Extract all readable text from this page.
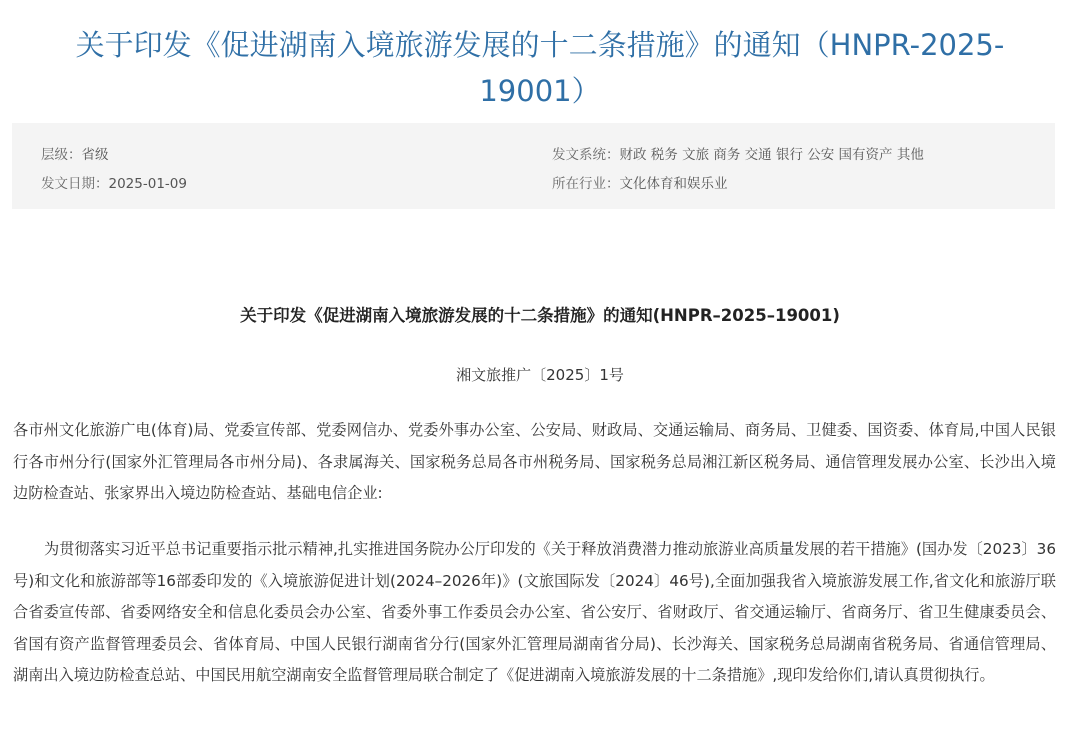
关于印发《促进湖南入境旅游发展的十二条措施》的通知（HNPR-2025-19001）
层级：省级
发文日期：2025-01-09
发文系统：财政 税务 文旅 商务 交通 银行 公安 国有资产 其他
所在行业：文化体育和娱乐业
关于印发《促进湖南入境旅游发展的十二条措施》的通知(HNPR–2025–19001)
湘文旅推广〔2025〕1号

各市州文化旅游广电(体育)局、党委宣传部、党委网信办、党委外事办公室、公安局、财政局、交通运输局、商务局、卫健委、国资委、体育局,中国人民银行各市州分行(国家外汇管理局各市州分局)、各隶属海关、国家税务总局各市州税务局、国家税务总局湘江新区税务局、通信管理发展办公室、长沙出入境边防检查站、张家界出入境边防检查站、基础电信企业:

为贯彻落实习近平总书记重要指示批示精神,扎实推进国务院办公厅印发的《关于释放消费潜力推动旅游业高质量发展的若干措施》(国办发〔2023〕36号)和文化和旅游部等16部委印发的《入境旅游促进计划(2024–2026年)》(文旅国际发〔2024〕46号),全面加强我省入境旅游发展工作,省文化和旅游厅联合省委宣传部、省委网络安全和信息化委员会办公室、省委外事工作委员会办公室、省公安厅、省财政厅、省交通运输厅、省商务厅、省卫生健康委员会、省国有资产监督管理委员会、省体育局、中国人民银行湖南省分行(国家外汇管理局湖南省分局)、长沙海关、国家税务总局湖南省税务局、省通信管理局、湖南出入境边防检查总站、中国民用航空湖南安全监督管理局联合制定了《促进湖南入境旅游发展的十二条措施》,现印发给你们,请认真贯彻执行。
